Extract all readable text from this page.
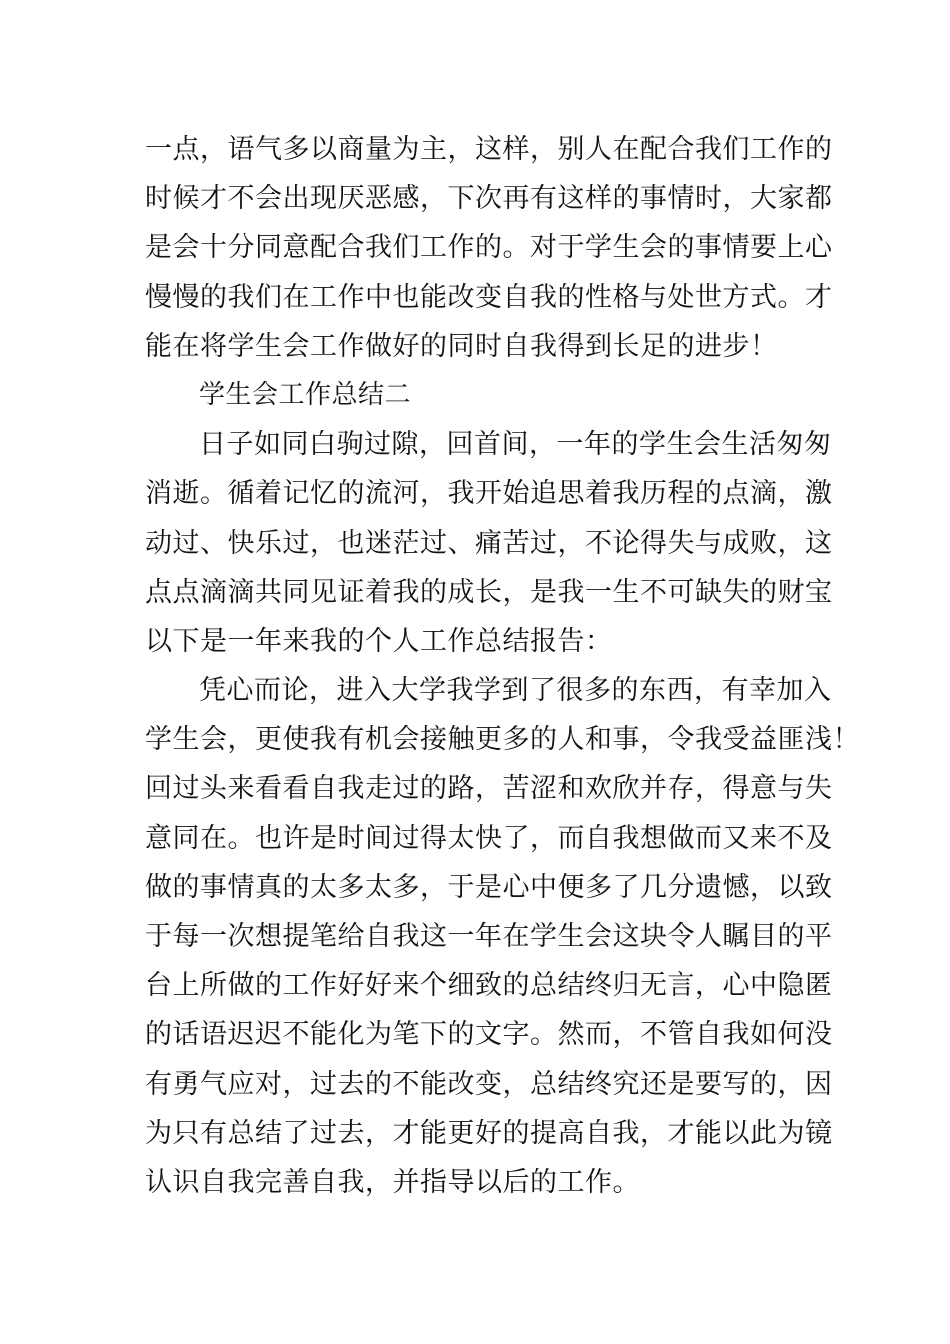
一点，语气多以商量为主，这样，别人在配合我们工作的
时候才不会出现厌恶感，下次再有这样的事情时，大家都
是会十分同意配合我们工作的。对于学生会的事情要上心
慢慢的我们在工作中也能改变自我的性格与处世方式。才
能在将学生会工作做好的同时自我得到长足的进步！
学生会工作总结二
日子如同白驹过隙，回首间，一年的学生会生活匆匆
消逝。循着记忆的流河，我开始追思着我历程的点滴，激
动过、快乐过，也迷茫过、痛苦过，不论得失与成败，这
点点滴滴共同见证着我的成长，是我一生不可缺失的财宝
以下是一年来我的个人工作总结报告：
凭心而论，进入大学我学到了很多的东西，有幸加入
学生会，更使我有机会接触更多的人和事，令我受益匪浅！
回过头来看看自我走过的路，苦涩和欢欣并存，得意与失
意同在。也许是时间过得太快了，而自我想做而又来不及
做的事情真的太多太多，于是心中便多了几分遗憾，以致
于每一次想提笔给自我这一年在学生会这块令人瞩目的平
台上所做的工作好好来个细致的总结终归无言，心中隐匿
的话语迟迟不能化为笔下的文字。然而，不管自我如何没
有勇气应对，过去的不能改变，总结终究还是要写的，因
为只有总结了过去，才能更好的提高自我，才能以此为镜
认识自我完善自我，并指导以后的工作。
